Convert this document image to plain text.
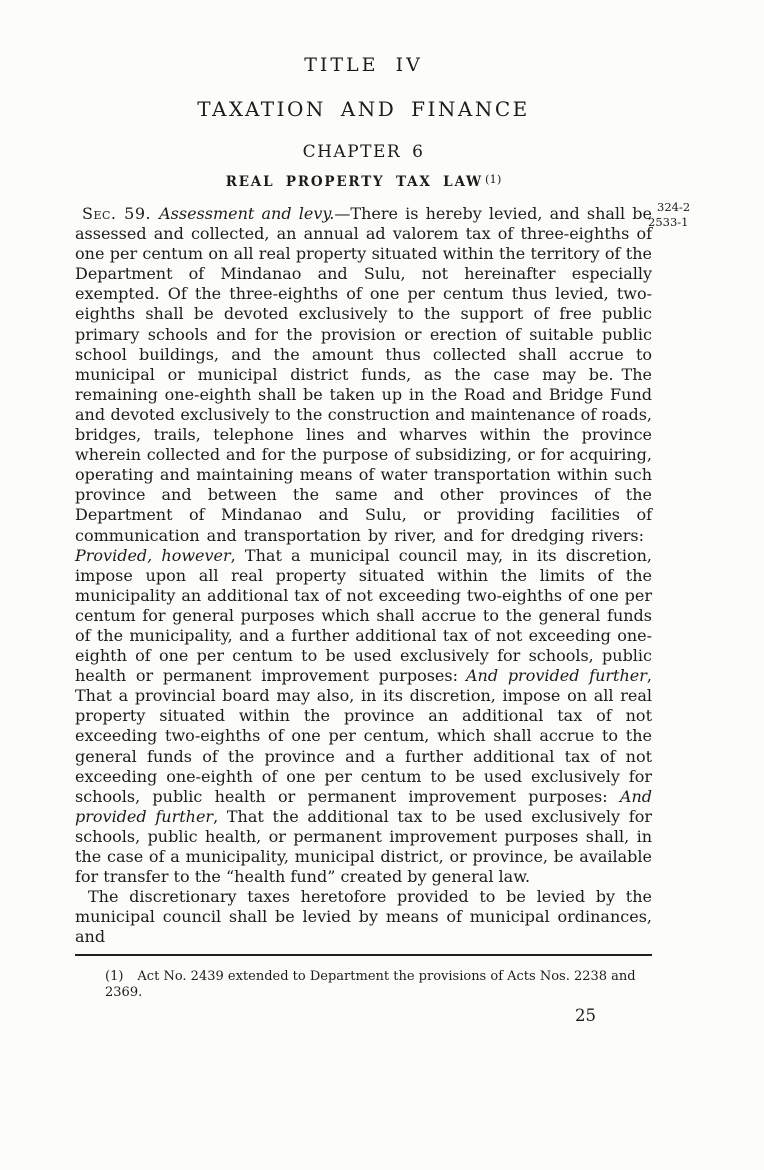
324-2
2533-1
TITLE IV
TAXATION AND FINANCE
CHAPTER 6
REAL PROPERTY TAX LAW (1)

Sec. 59.  Assessment and levy.—There is hereby levied, and shall be assessed and collected, an annual ad valorem tax of three-eighths of one per centum on all real property situated within the territory of the Department of Mindanao and Sulu, not hereinafter especially exempted. Of the three-eighths of one per centum thus levied, two-eighths shall be devoted exclusively to the support of free public primary schools and for the provision or erection of suitable public school buildings, and the amount thus collected shall accrue to municipal or municipal district funds, as the case may be. The remaining one-eighth shall be taken up in the Road and Bridge Fund and devoted exclusively to the construction and maintenance of roads, bridges, trails, telephone lines and wharves within the province wherein collected and for the purpose of subsidizing, or for acquiring, operating and maintaining means of water transportation within such province and between the same and other provinces of the Department of Mindanao and Sulu, or providing facilities of communication and transportation by river, and for dredging rivers: Provided, however, That a municipal council may, in its discretion, impose upon all real property situated within the limits of the municipality an additional tax of not exceeding two-eighths of one per centum for general purposes which shall accrue to the general funds of the municipality, and a further additional tax of not exceeding one-eighth of one per centum to be used exclusively for schools, public health or permanent improvement purposes: And provided further, That a provincial board may also, in its discretion, impose on all real property situated within the province an additional tax of not exceeding two-eighths of one per centum, which shall accrue to the general funds of the province and a further additional tax of not exceeding one-eighth of one per centum to be used exclusively for schools, public health or permanent improvement purposes: And provided further, That the additional tax to be used exclusively for schools, public health, or permanent improvement purposes shall, in the case of a municipality, municipal district, or province, be available for transfer to the “health fund” created by general law.

The discretionary taxes heretofore provided to be levied by the municipal council shall be levied by means of municipal ordinances, and

(1) Act No. 2439 extended to Department the provisions of Acts Nos. 2238 and 2369.
25
